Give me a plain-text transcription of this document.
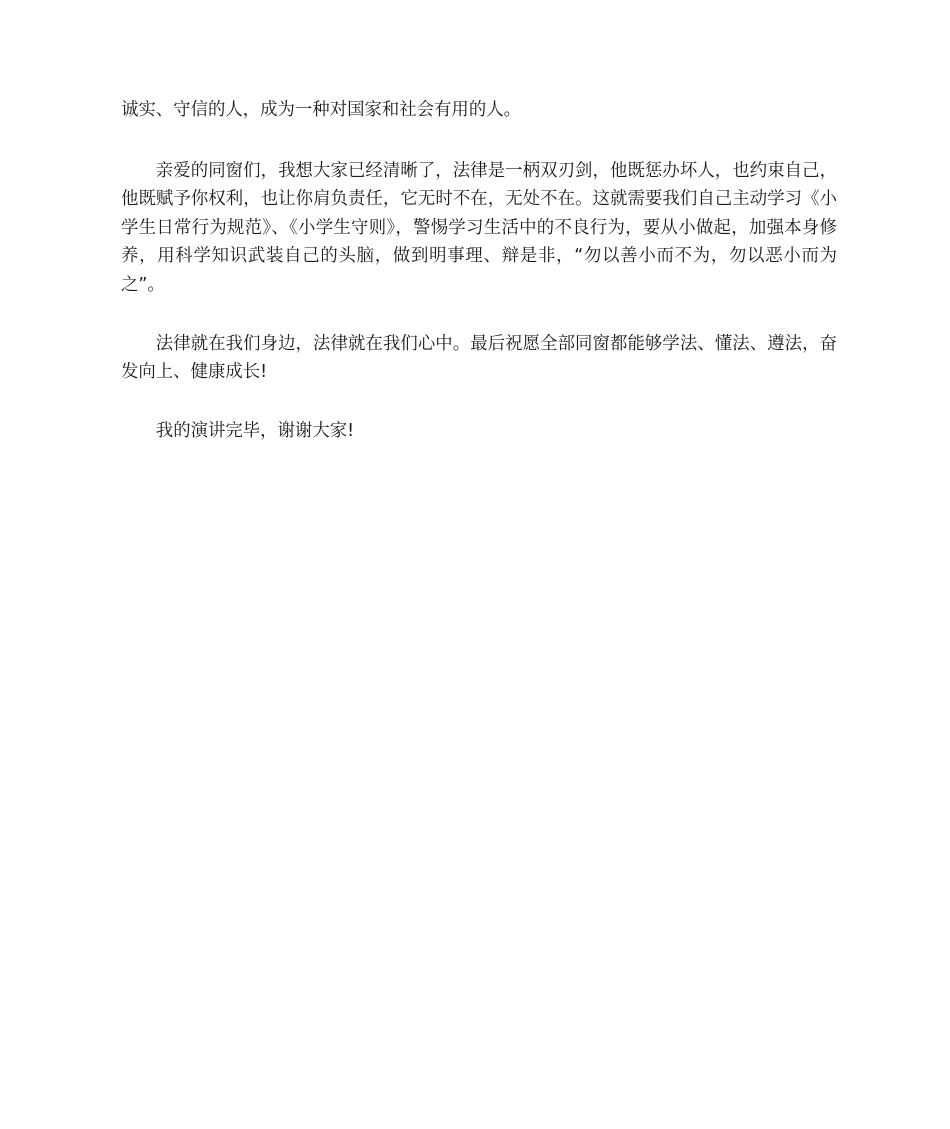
诚实、守信的人，成为一种对国家和社会有用的人。

亲爱的同窗们，我想大家已经清晰了，法律是一柄双刃剑，他既惩办坏人，也约束自己，他既赋予你权利，也让你肩负责任，它无时不在，无处不在。这就需要我们自己主动学习《小学生日常行为规范》、《小学生守则》，警惕学习生活中的不良行为，要从小做起，加强本身修养，用科学知识武装自己的头脑，做到明事理、辩是非，“勿以善小而不为，勿以恶小而为之”。

法律就在我们身边，法律就在我们心中。最后祝愿全部同窗都能够学法、懂法、遵法，奋发向上、健康成长!

我的演讲完毕，谢谢大家!
